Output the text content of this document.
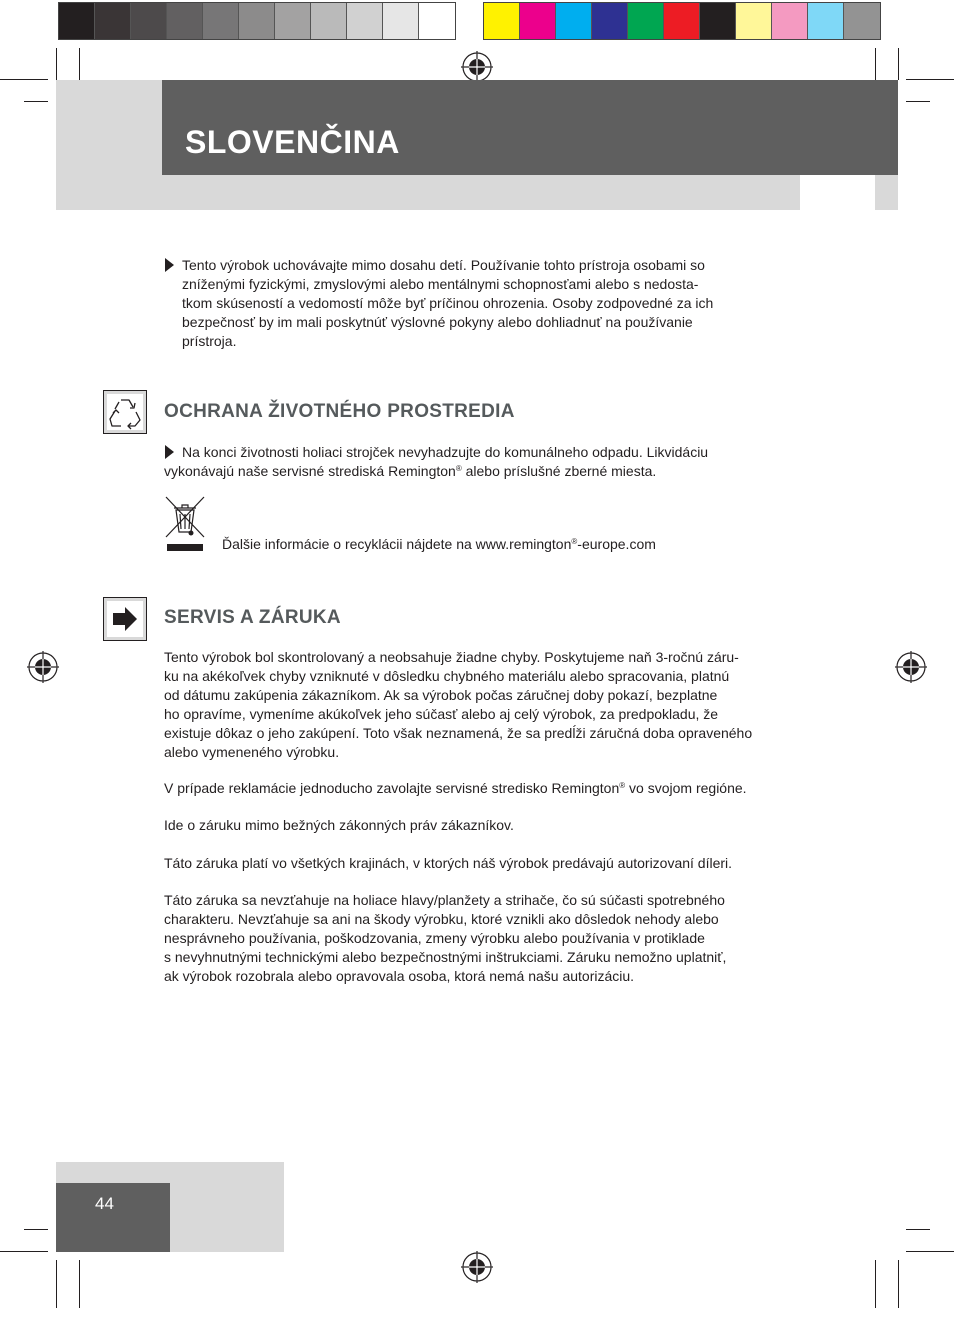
SLOVENČINA
Tento výrobok uchovávajte mimo dosahu detí. Používanie tohto prístroja osobami so
zníženými fyzickými, zmyslovými alebo mentálnymi schopnosťami alebo s nedosta-
tkom skúseností a vedomostí môže byť príčinou ohrozenia. Osoby zodpovedné za ich
bezpečnosť by im mali poskytnúť výslovné pokyny alebo dohliadnuť na používanie
prístroja.
OCHRANA ŽIVOTNÉHO PROSTREDIA
Na konci životnosti holiaci strojček nevyhadzujte do komunálneho odpadu. Likvidáciu
vykonávajú naše servisné strediská Remington® alebo príslušné zberné miesta.
Ďalšie informácie o recyklácii nájdete na www.remington®-europe.com
SERVIS A ZÁRUKA
Tento výrobok bol skontrolovaný a neobsahuje žiadne chyby. Poskytujeme naň 3-ročnú záru-
ku na akékoľvek chyby vzniknuté v dôsledku chybného materiálu alebo spracovania, platnú
od dátumu zakúpenia zákazníkom. Ak sa výrobok počas záručnej doby pokazí, bezplatne
ho opravíme, vymeníme akúkoľvek jeho súčasť alebo aj celý výrobok, za predpokladu, že
existuje dôkaz o jeho zakúpení. Toto však neznamená, že sa predĺži záručná doba opraveného
alebo vymeneného výrobku.
V prípade reklamácie jednoducho zavolajte servisné stredisko Remington® vo svojom regióne.
Ide o záruku mimo bežných zákonných práv zákazníkov.
Táto záruka platí vo všetkých krajinách, v ktorých náš výrobok predávajú autorizovaní díleri.
Táto záruka sa nevzťahuje na holiace hlavy/planžety a strihače, čo sú súčasti spotrebného
charakteru. Nevzťahuje sa ani na škody výrobku, ktoré vznikli ako dôsledok nehody alebo
nesprávneho používania, poškodzovania, zmeny výrobku alebo používania v protiklade
s nevyhnutnými technickými alebo bezpečnostnými inštrukciami. Záruku nemožno uplatniť,
ak výrobok rozobrala alebo opravovala osoba, ktorá nemá našu autorizáciu.
44
